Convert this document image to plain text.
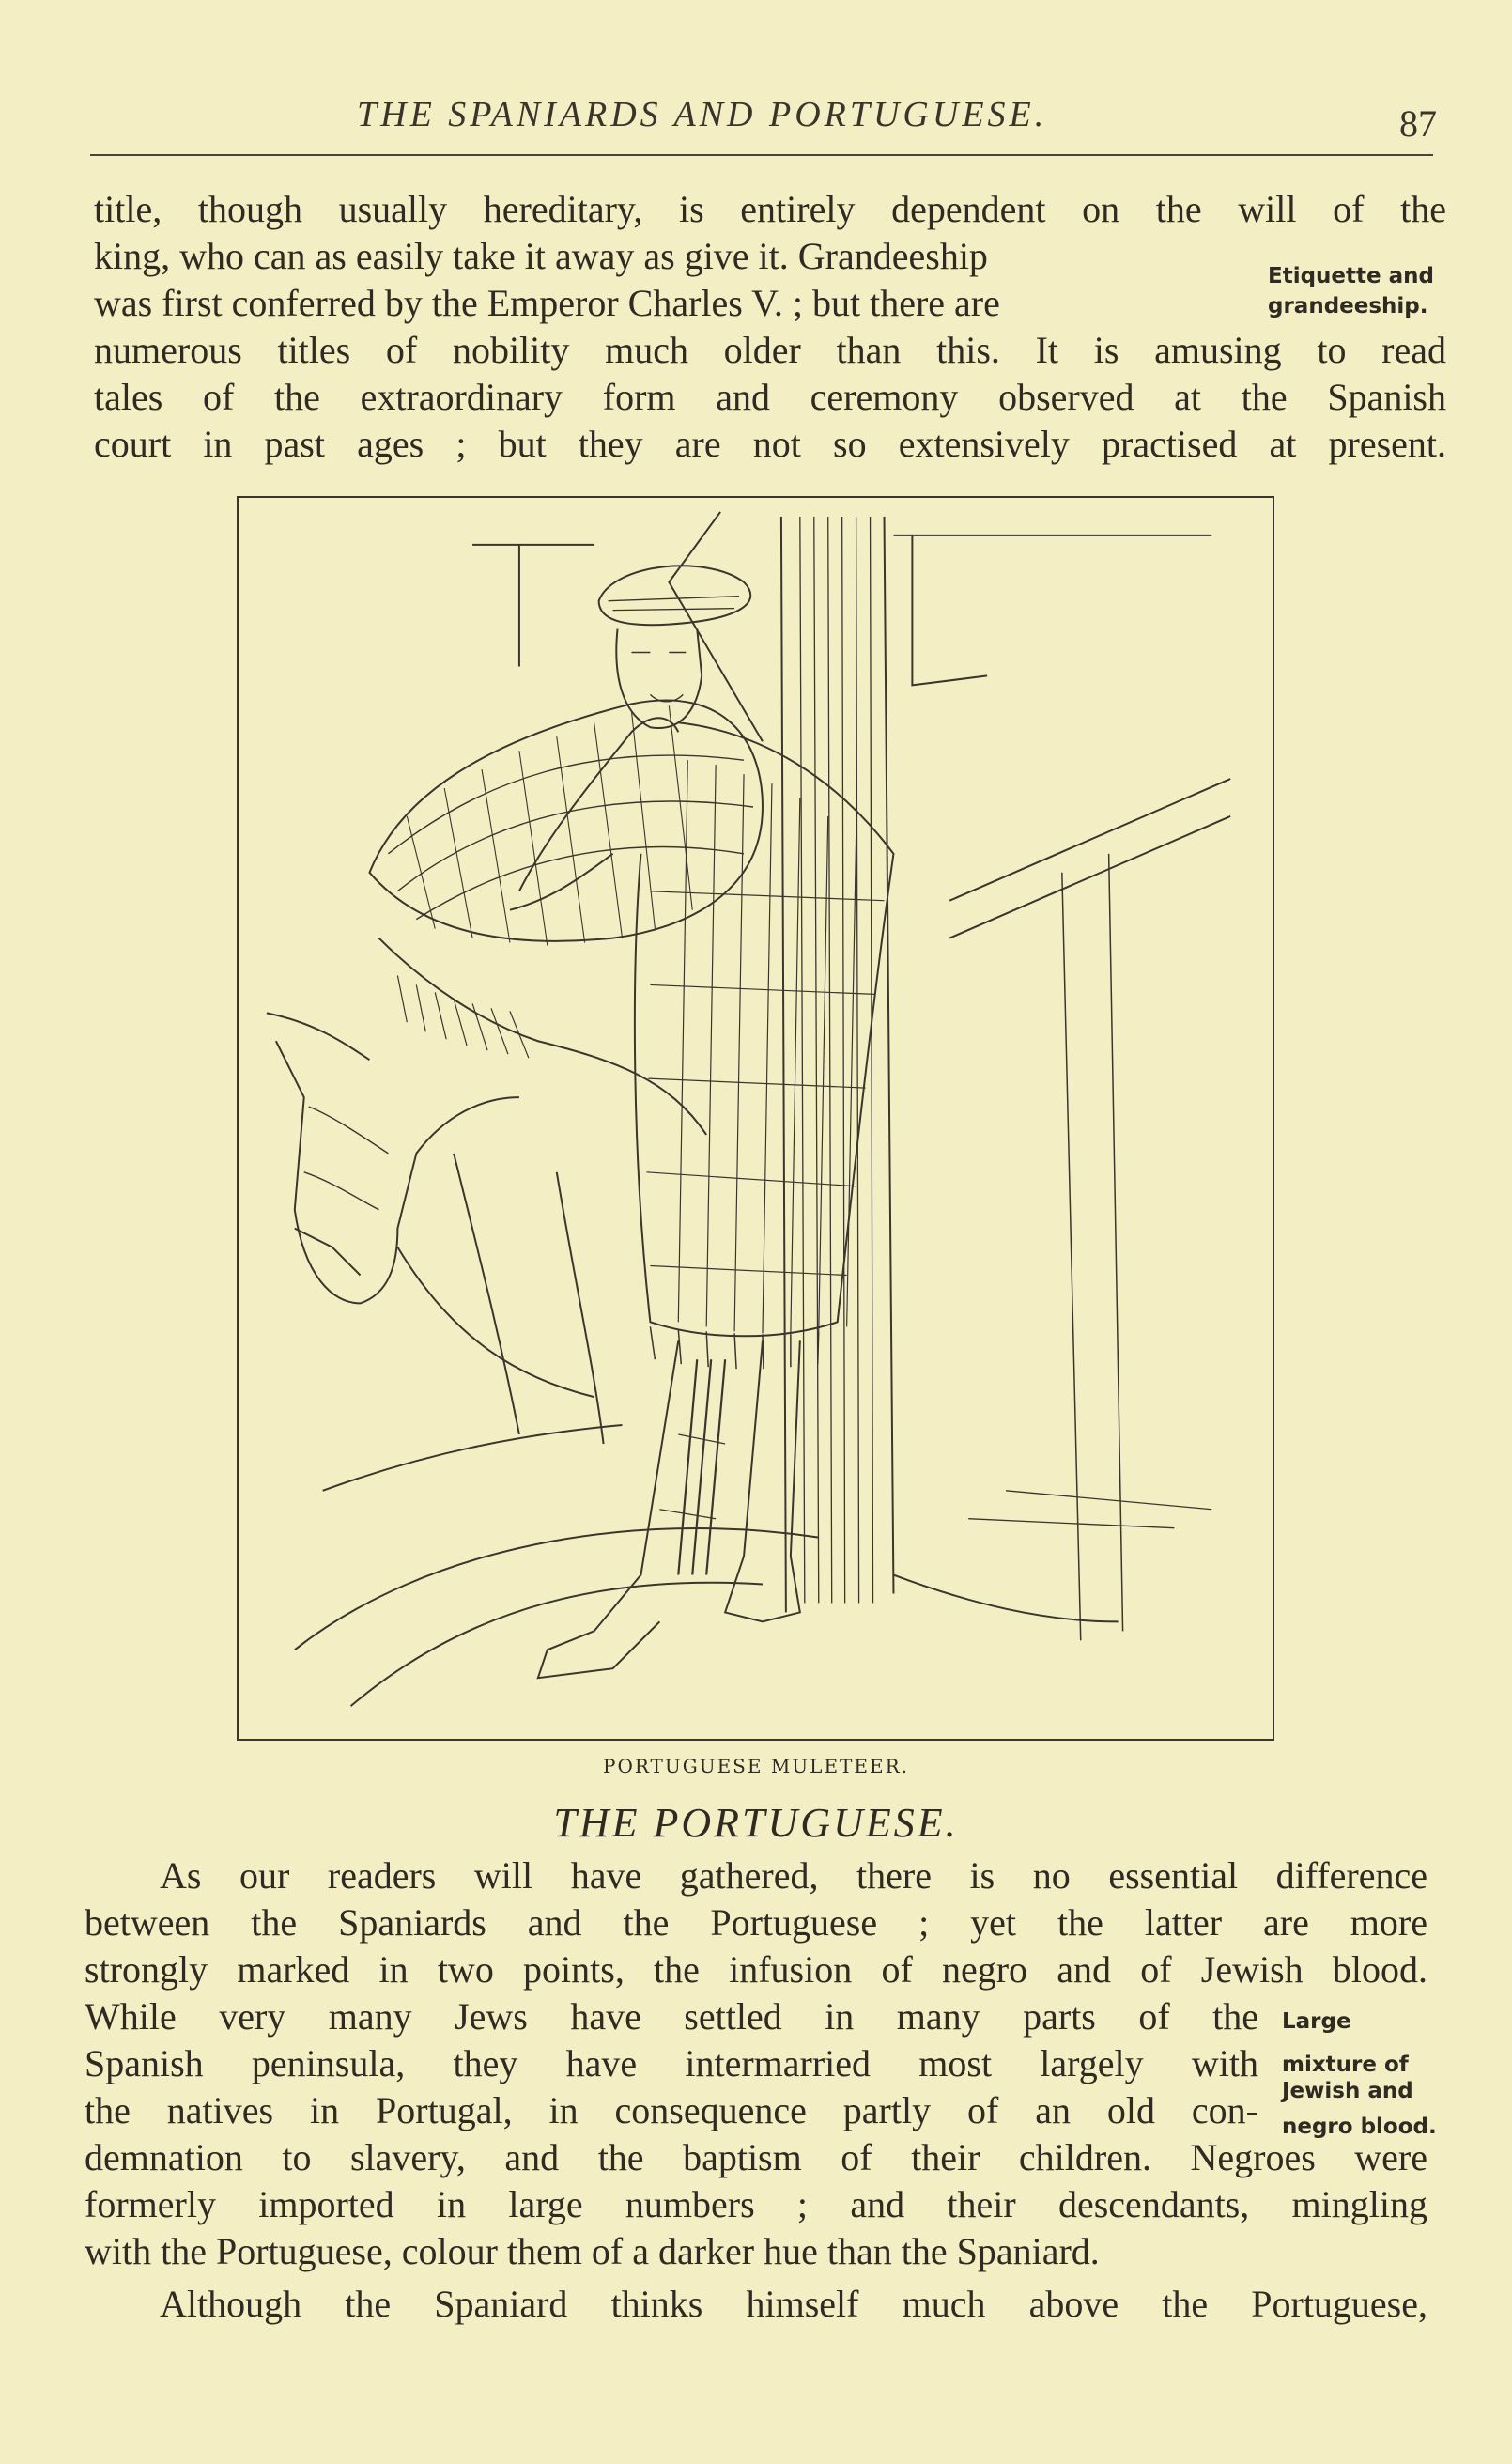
THE SPANIARDS AND PORTUGUESE.	87
title, though usually hereditary, is entirely dependent on the will of the
king, who can as easily take it away as give it. Grandeeship
was first conferred by the Emperor Charles V. ; but there are
numerous titles of nobility much older than this. It is amusing to read
tales of the extraordinary form and ceremony observed at the Spanish
court in past ages ; but they are not so extensively practised at present.
Etiquette and
grandeeship.
PORTUGUESE MULETEER.
THE PORTUGUESE.
As our readers will have gathered, there is no essential difference
between the Spaniards and the Portuguese ; yet the latter are more
strongly marked in two points, the infusion of negro and of Jewish blood.
While very many Jews have settled in many parts of the
Spanish peninsula, they have intermarried most largely with
the natives in Portugal, in consequence partly of an old con-
demnation to slavery, and the baptism of their children. Negroes were
formerly imported in large numbers ; and their descendants, mingling
with the Portuguese, colour them of a darker hue than the Spaniard.
Large
mixture of
Jewish and
negro blood.
Although the Spaniard thinks himself much above the Portuguese,
